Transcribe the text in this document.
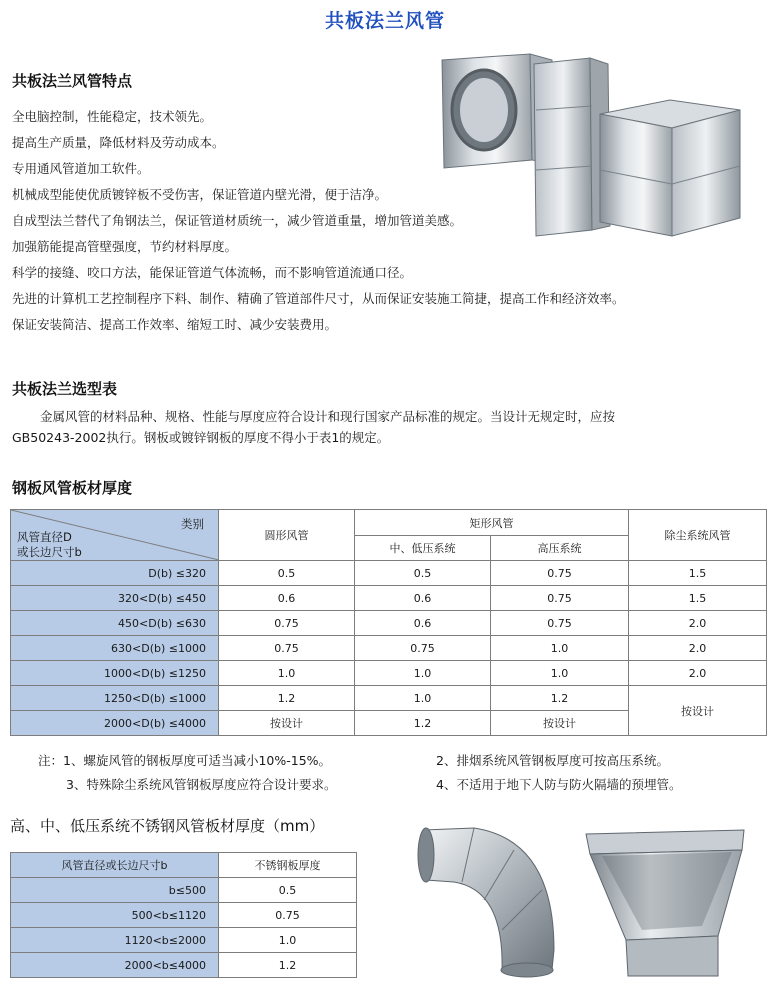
共板法兰风管
共板法兰风管特点
全电脑控制，性能稳定，技术领先。
提高生产质量，降低材料及劳动成本。
专用通风管道加工软件。
机械成型能使优质镀锌板不受伤害，保证管道内壁光滑，便于洁净。
自成型法兰替代了角钢法兰，保证管道材质统一，减少管道重量，增加管道美感。
加强筋能提高管壁强度，节约材料厚度。
科学的接缝、咬口方法，能保证管道气体流畅，而不影响管道流通口径。
先进的计算机工艺控制程序下料、制作、精确了管道部件尺寸，从而保证安装施工简捷，提高工作和经济效率。
保证安装简洁、提高工作效率、缩短工时、减少安装费用。
共板法兰选型表
金属风管的材料品种、规格、性能与厚度应符合设计和现行国家产品标准的规定。当设计无规定时，应按
GB50243-2002执行。钢板或镀锌钢板的厚度不得小于表1的规定。
钢板风管板材厚度
类别
风管直径D
或长边尺寸b	圆形风管	矩形风管		除尘系统风管
		中、低压系统	高压系统	
D(b) ≤320	0.5	0.5	0.75	1.5
320<D(b) ≤450	0.6	0.6	0.75	1.5
450<D(b) ≤630	0.75	0.6	0.75	2.0
630<D(b) ≤1000	0.75	0.75	1.0	2.0
1000<D(b) ≤1250	1.0	1.0	1.0	2.0
1250<D(b) ≤1000	1.2	1.0	1.2	按设计
2000<D(b) ≤4000	按设计	1.2	按设计	
注：1、螺旋风管的钢板厚度可适当减小10%-15%。	2、排烟系统风管钢板厚度可按高压系统。
3、特殊除尘系统风管钢板厚度应符合设计要求。	4、不适用于地下人防与防火隔墙的预埋管。
高、中、低压系统不锈钢风管板材厚度（mm）
风管直径或长边尺寸b	不锈钢板厚度
b≤500	0.5
500<b≤1120	0.75
1120<b≤2000	1.0
2000<b≤4000	1.2
